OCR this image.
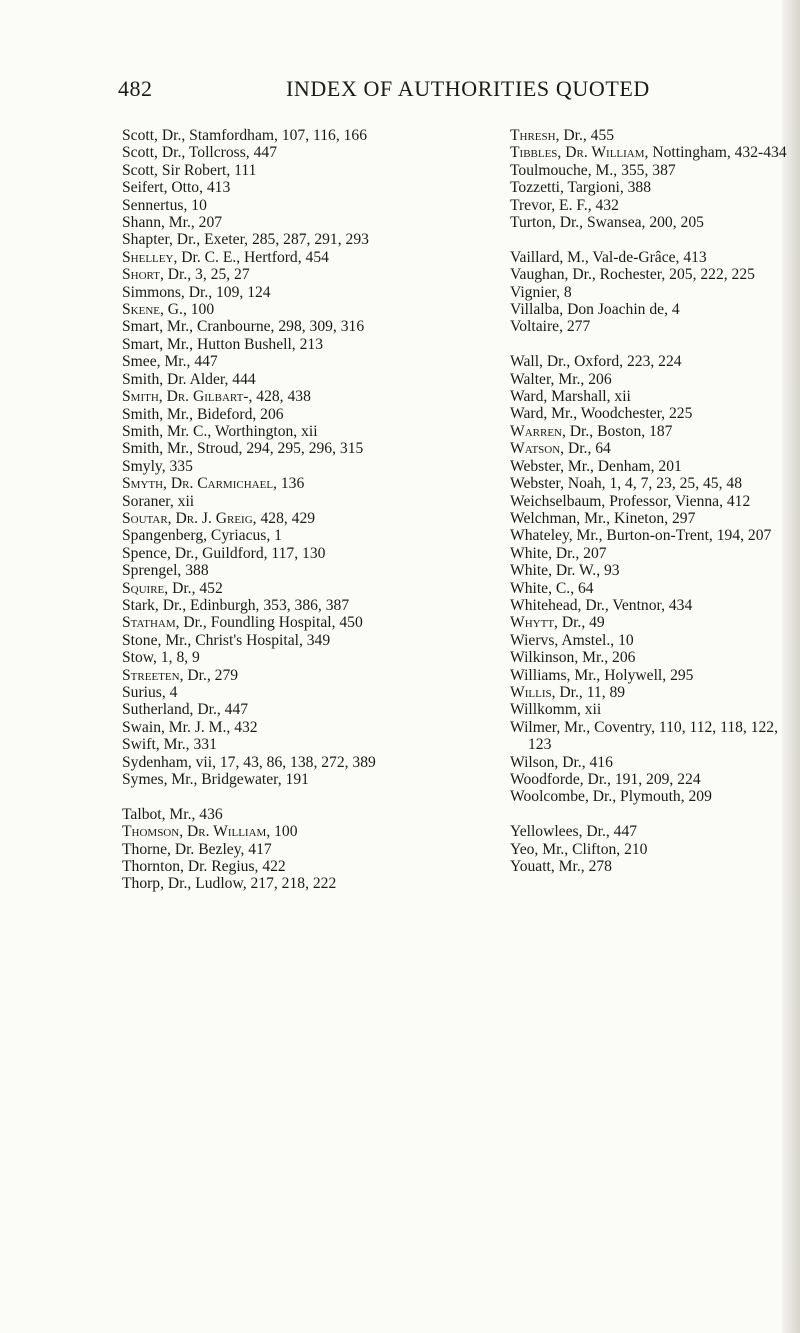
482	INDEX OF AUTHORITIES QUOTED
Scott, Dr., Stamfordham, 107, 116, 166
Scott, Dr., Tollcross, 447
Scott, Sir Robert, 111
Seifert, Otto, 413
Sennertus, 10
Shann, Mr., 207
Shapter, Dr., Exeter, 285, 287, 291, 293
Shelley, Dr. C. E., Hertford, 454
Short, Dr., 3, 25, 27
Simmons, Dr., 109, 124
Skene, G., 100
Smart, Mr., Cranbourne, 298, 309, 316
Smart, Mr., Hutton Bushell, 213
Smee, Mr., 447
Smith, Dr. Alder, 444
Smith, Dr. Gilbart-, 428, 438
Smith, Mr., Bideford, 206
Smith, Mr. C., Worthington, xii
Smith, Mr., Stroud, 294, 295, 296, 315
Smyly, 335
Smyth, Dr. Carmichael, 136
Soraner, xii
Soutar, Dr. J. Greig, 428, 429
Spangenberg, Cyriacus, 1
Spence, Dr., Guildford, 117, 130
Sprengel, 388
Squire, Dr., 452
Stark, Dr., Edinburgh, 353, 386, 387
Statham, Dr., Foundling Hospital, 450
Stone, Mr., Christ's Hospital, 349
Stow, 1, 8, 9
Streeten, Dr., 279
Surius, 4
Sutherland, Dr., 447
Swain, Mr. J. M., 432
Swift, Mr., 331
Sydenham, vii, 17, 43, 86, 138, 272, 389
Symes, Mr., Bridgewater, 191
Talbot, Mr., 436
Thomson, Dr. William, 100
Thorne, Dr. Bezley, 417
Thornton, Dr. Regius, 422
Thorp, Dr., Ludlow, 217, 218, 222
Thresh, Dr., 455
Tibbles, Dr. William, Nottingham, 432-434
Toulmouche, M., 355, 387
Tozzetti, Targioni, 388
Trevor, E. F., 432
Turton, Dr., Swansea, 200, 205
Vaillard, M., Val-de-Grâce, 413
Vaughan, Dr., Rochester, 205, 222, 225
Vignier, 8
Villalba, Don Joachin de, 4
Voltaire, 277
Wall, Dr., Oxford, 223, 224
Walter, Mr., 206
Ward, Marshall, xii
Ward, Mr., Woodchester, 225
Warren, Dr., Boston, 187
Watson, Dr., 64
Webster, Mr., Denham, 201
Webster, Noah, 1, 4, 7, 23, 25, 45, 48
Weichselbaum, Professor, Vienna, 412
Welchman, Mr., Kineton, 297
Whateley, Mr., Burton-on-Trent, 194, 207
White, Dr., 207
White, Dr. W., 93
White, C., 64
Whitehead, Dr., Ventnor, 434
Whytt, Dr., 49
Wiervs, Amstel., 10
Wilkinson, Mr., 206
Williams, Mr., Holywell, 295
Willis, Dr., 11, 89
Willkomm, xii
Wilmer, Mr., Coventry, 110, 112, 118, 122, 123
Wilson, Dr., 416
Woodforde, Dr., 191, 209, 224
Woolcombe, Dr., Plymouth, 209
Yellowlees, Dr., 447
Yeo, Mr., Clifton, 210
Youatt, Mr., 278
